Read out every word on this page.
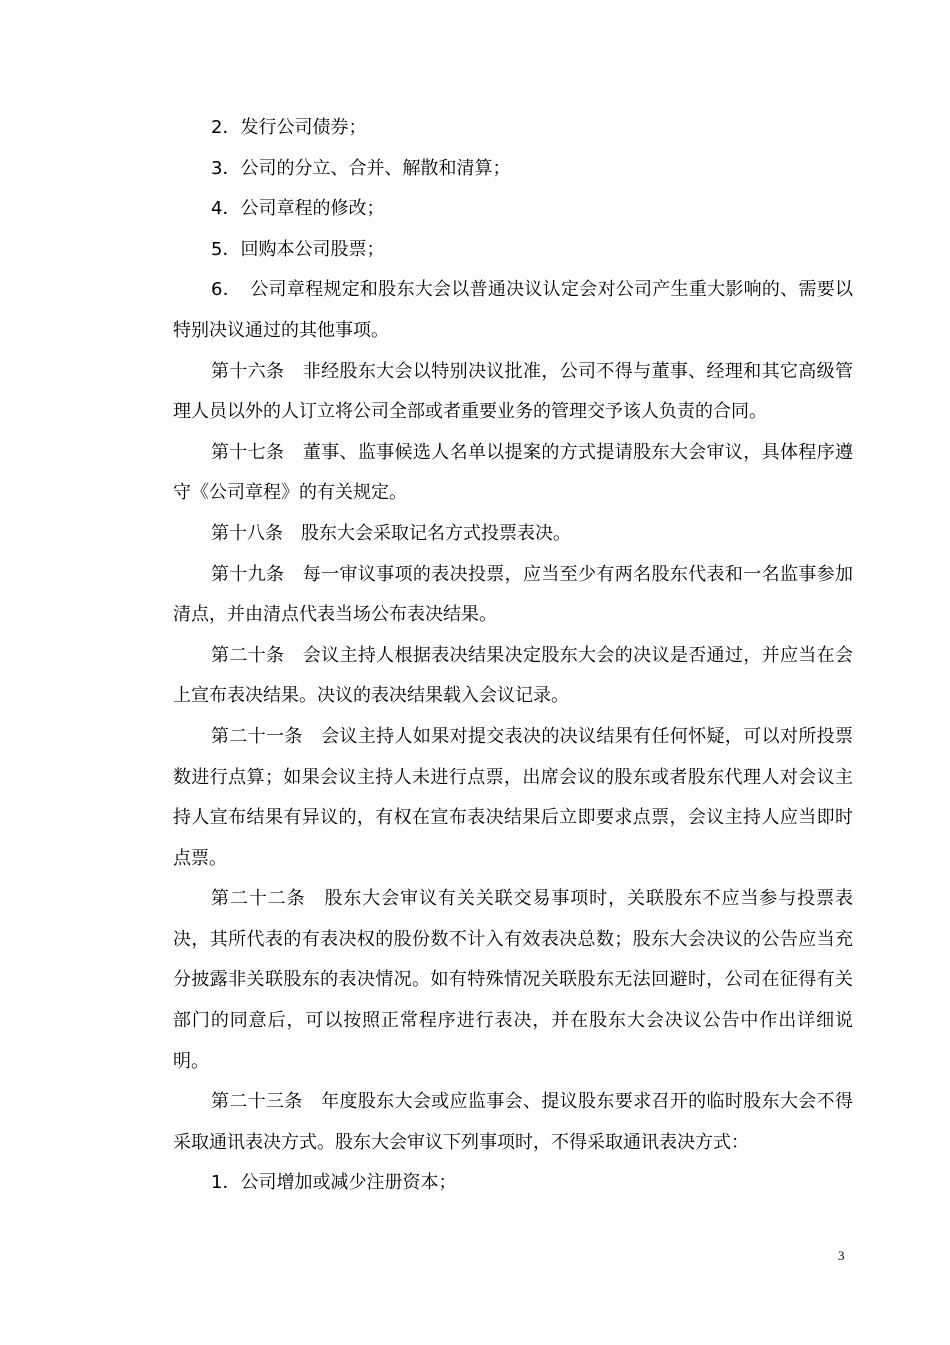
2．发行公司债券；

3．公司的分立、合并、解散和清算；

4．公司章程的修改；

5．回购本公司股票；

6．　公司章程规定和股东大会以普通决议认定会对公司产生重大影响的、需要以特别决议通过的其他事项。

第十六条　非经股东大会以特别决议批准，公司不得与董事、经理和其它高级管理人员以外的人订立将公司全部或者重要业务的管理交予该人负责的合同。

第十七条　董事、监事候选人名单以提案的方式提请股东大会审议，具体程序遵守《公司章程》的有关规定。

第十八条　股东大会采取记名方式投票表决。

第十九条　每一审议事项的表决投票，应当至少有两名股东代表和一名监事参加清点，并由清点代表当场公布表决结果。

第二十条　会议主持人根据表决结果决定股东大会的决议是否通过，并应当在会上宣布表决结果。决议的表决结果载入会议记录。

第二十一条　会议主持人如果对提交表决的决议结果有任何怀疑，可以对所投票数进行点算；如果会议主持人未进行点票，出席会议的股东或者股东代理人对会议主持人宣布结果有异议的，有权在宣布表决结果后立即要求点票，会议主持人应当即时点票。

第二十二条　股东大会审议有关关联交易事项时，关联股东不应当参与投票表决，其所代表的有表决权的股份数不计入有效表决总数；股东大会决议的公告应当充分披露非关联股东的表决情况。如有特殊情况关联股东无法回避时，公司在征得有关部门的同意后，可以按照正常程序进行表决，并在股东大会决议公告中作出详细说明。

第二十三条　年度股东大会或应监事会、提议股东要求召开的临时股东大会不得采取通讯表决方式。股东大会审议下列事项时，不得采取通讯表决方式：

1．公司增加或减少注册资本；

3
